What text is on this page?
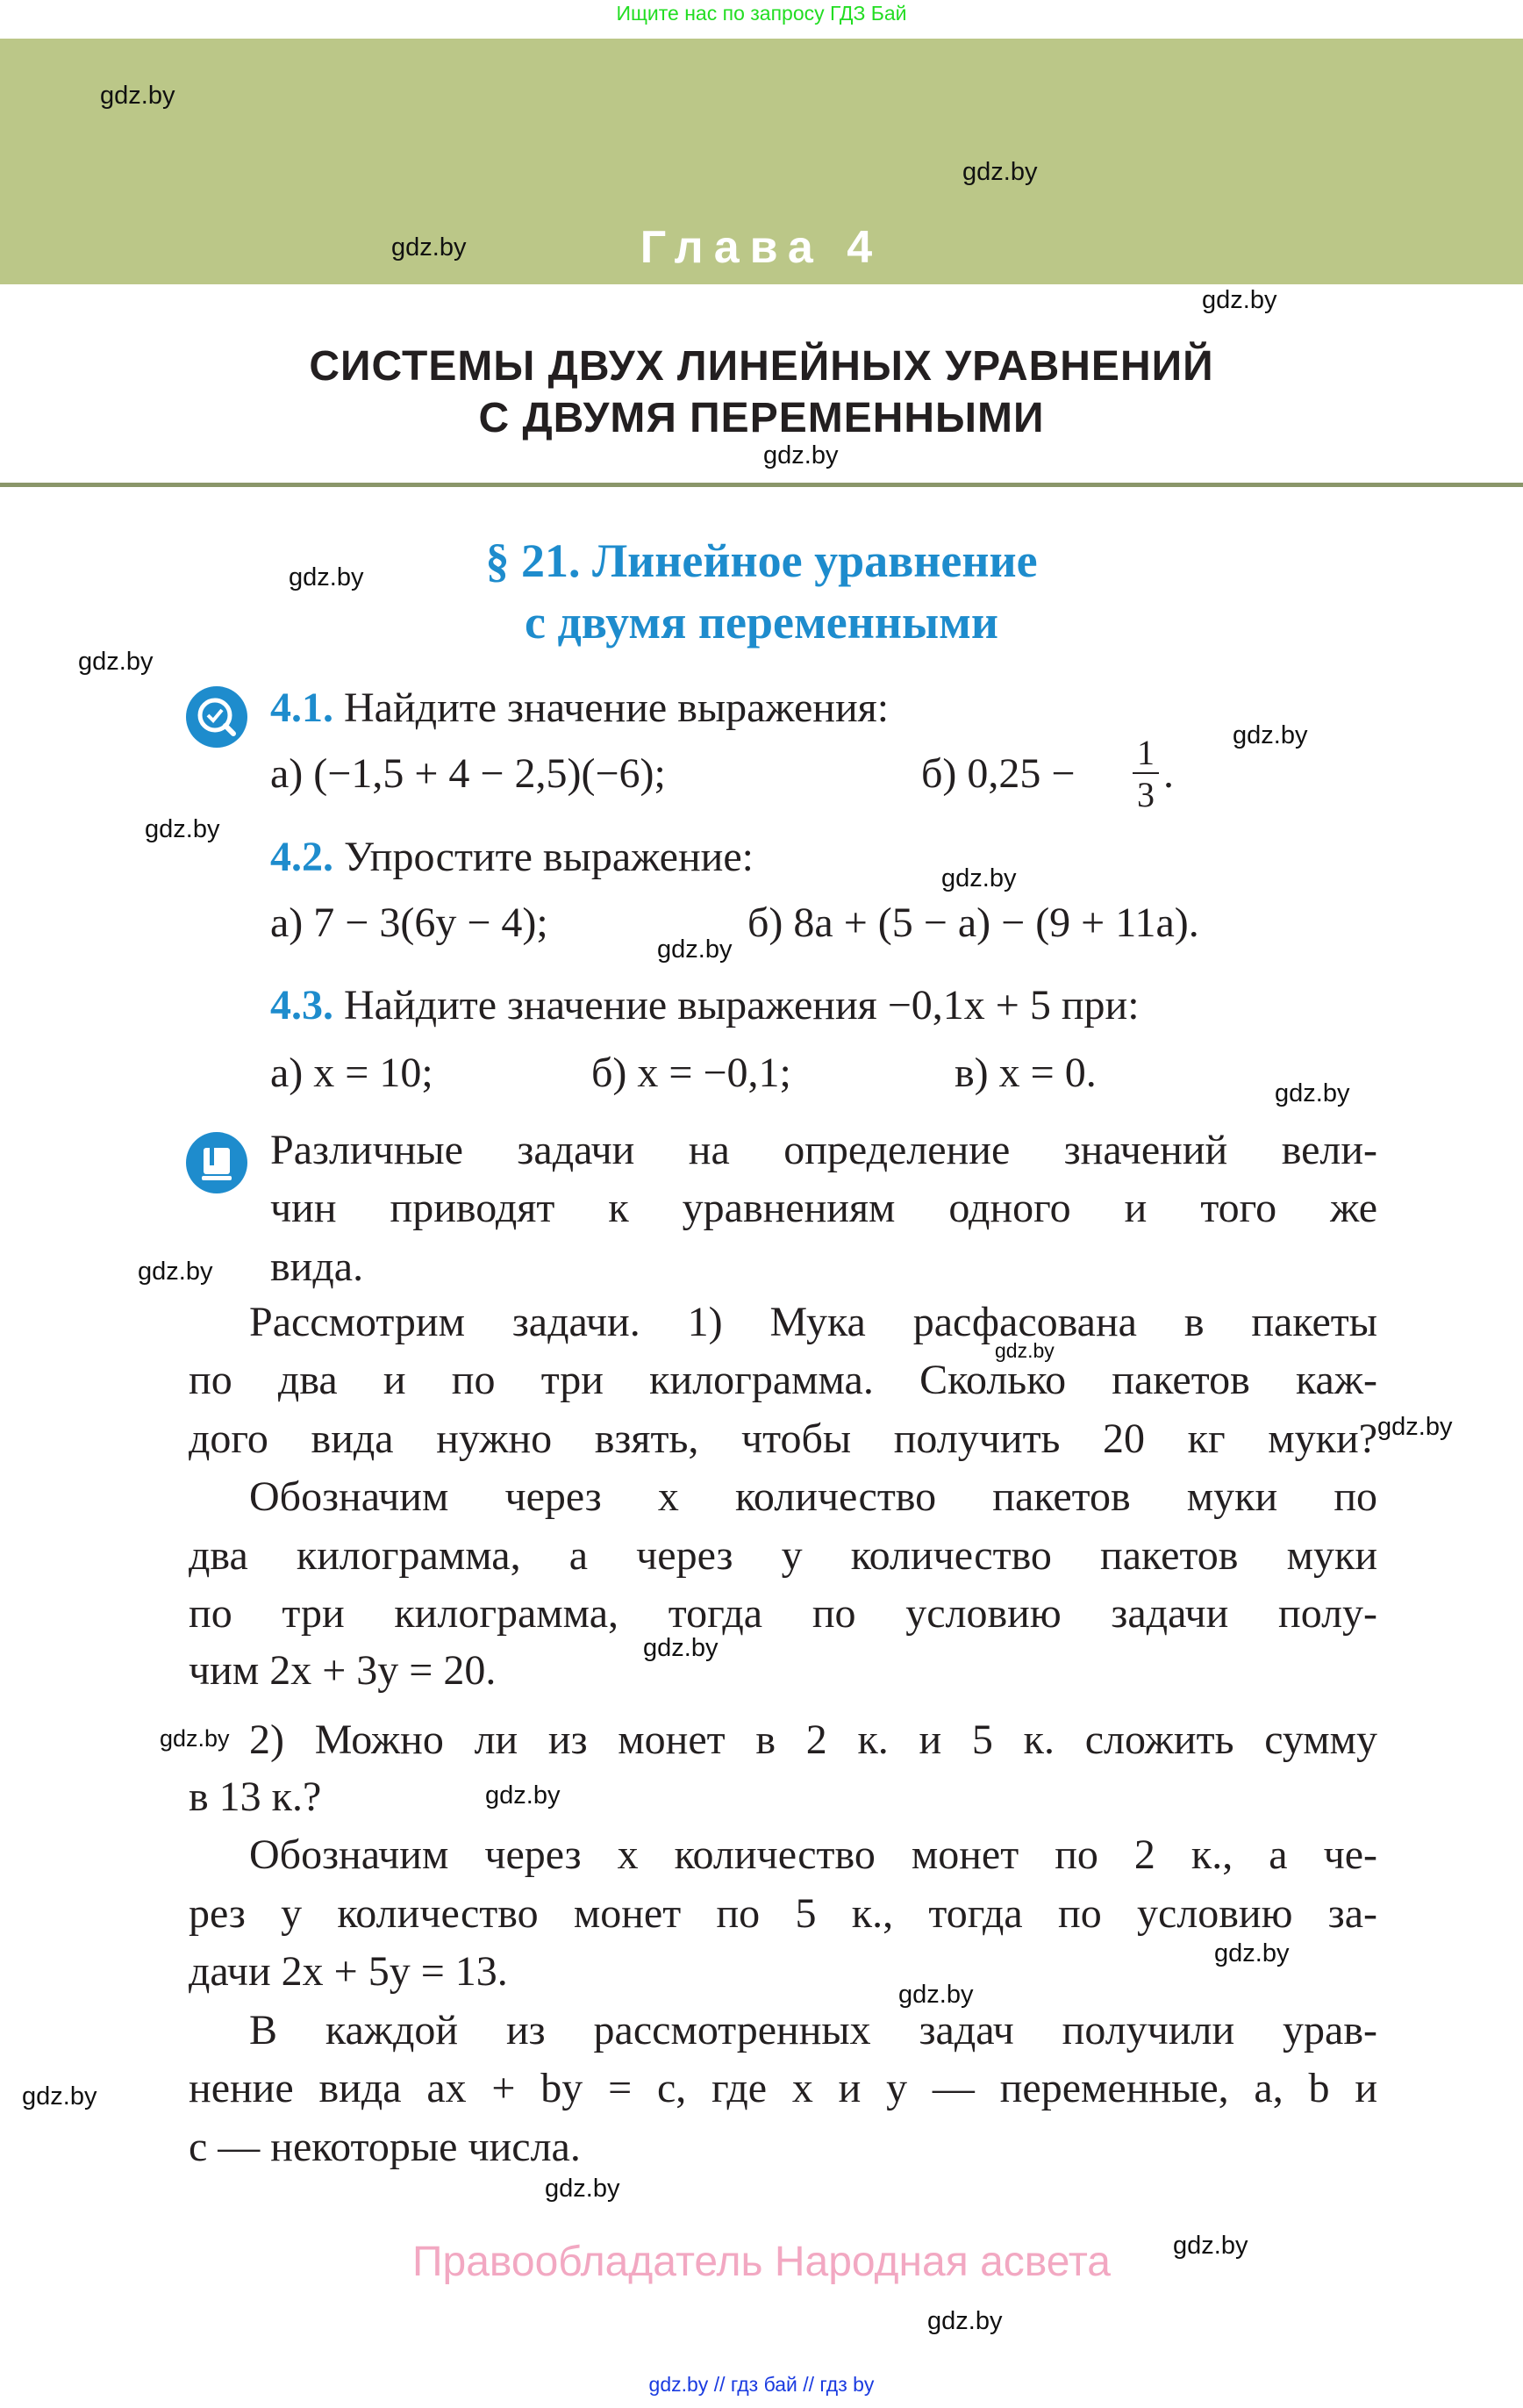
Ищите нас по запросу ГДЗ Бай
Глава 4
СИСТЕМЫ ДВУХ ЛИНЕЙНЫХ УРАВНЕНИЙ
С ДВУМЯ ПЕРЕМЕННЫМИ
§ 21. Линейное уравнение
с двумя переменными
4.1. Найдите значение выражения:
а) (−1,5 + 4 − 2,5)(−6);	б) 0,25 − 1
3 .
4.2. Упростите выражение:
а) 7 − 3(6y − 4);	б) 8a + (5 − a) − (9 + 11a).
4.3. Найдите значение выражения −0,1x + 5 при:
а) x = 10;	б) x = −0,1;	в) x = 0.
Различные задачи на определение значений вели-
чин приводят к уравнениям одного и того же
вида.
Рассмотрим задачи. 1) Мука расфасована в пакеты
по два и по три килограмма. Сколько пакетов каж-
дого вида нужно взять, чтобы получить 20 кг муки?
Обозначим через x количество пакетов муки по
два килограмма, а через y количество пакетов муки
по три килограмма, тогда по условию задачи полу-
чим 2x + 3y = 20.
2) Можно ли из монет в 2 к. и 5 к. сложить сумму
в 13 к.?
Обозначим через x количество монет по 2 к., а че-
рез y количество монет по 5 к., тогда по условию за-
дачи 2x + 5y = 13.
В каждой из рассмотренных задач получили урав-
нение вида ax + by = c, где x и y — переменные, a, b и
c — некоторые числа.
gdz.by
gdz.by
gdz.by
gdz.by
gdz.by
gdz.by
gdz.by
gdz.by
gdz.by
gdz.by
gdz.by
gdz.by
gdz.by
gdz.by
gdz.by
gdz.by
gdz.by
gdz.by
gdz.by
gdz.by
gdz.by
gdz.by
gdz.by
gdz.by
Правообладатель Народная асвета
gdz.by // гдз бай // гдз by
